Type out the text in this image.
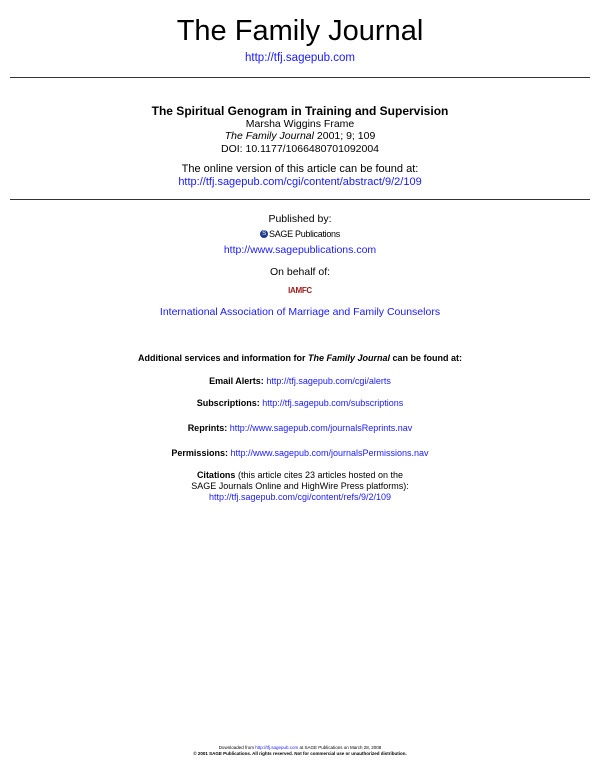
The Family Journal
http://tfj.sagepub.com
The Spiritual Genogram in Training and Supervision
Marsha Wiggins Frame
The Family Journal 2001; 9; 109
DOI: 10.1177/1066480701092004
The online version of this article can be found at:
http://tfj.sagepub.com/cgi/content/abstract/9/2/109
Published by:
S SAGE Publications
http://www.sagepublications.com
On behalf of:
IAMFC
International Association of Marriage and Family Counselors
Additional services and information for The Family Journal can be found at:
Email Alerts: http://tfj.sagepub.com/cgi/alerts
Subscriptions: http://tfj.sagepub.com/subscriptions
Reprints: http://www.sagepub.com/journalsReprints.nav
Permissions: http://www.sagepub.com/journalsPermissions.nav
Citations (this article cites 23 articles hosted on the
SAGE Journals Online and HighWire Press platforms):
http://tfj.sagepub.com/cgi/content/refs/9/2/109
Downloaded from http://tfj.sagepub.com at SAGE Publications on March 28, 2008
© 2001 SAGE Publications. All rights reserved. Not for commercial use or unauthorized distribution.
